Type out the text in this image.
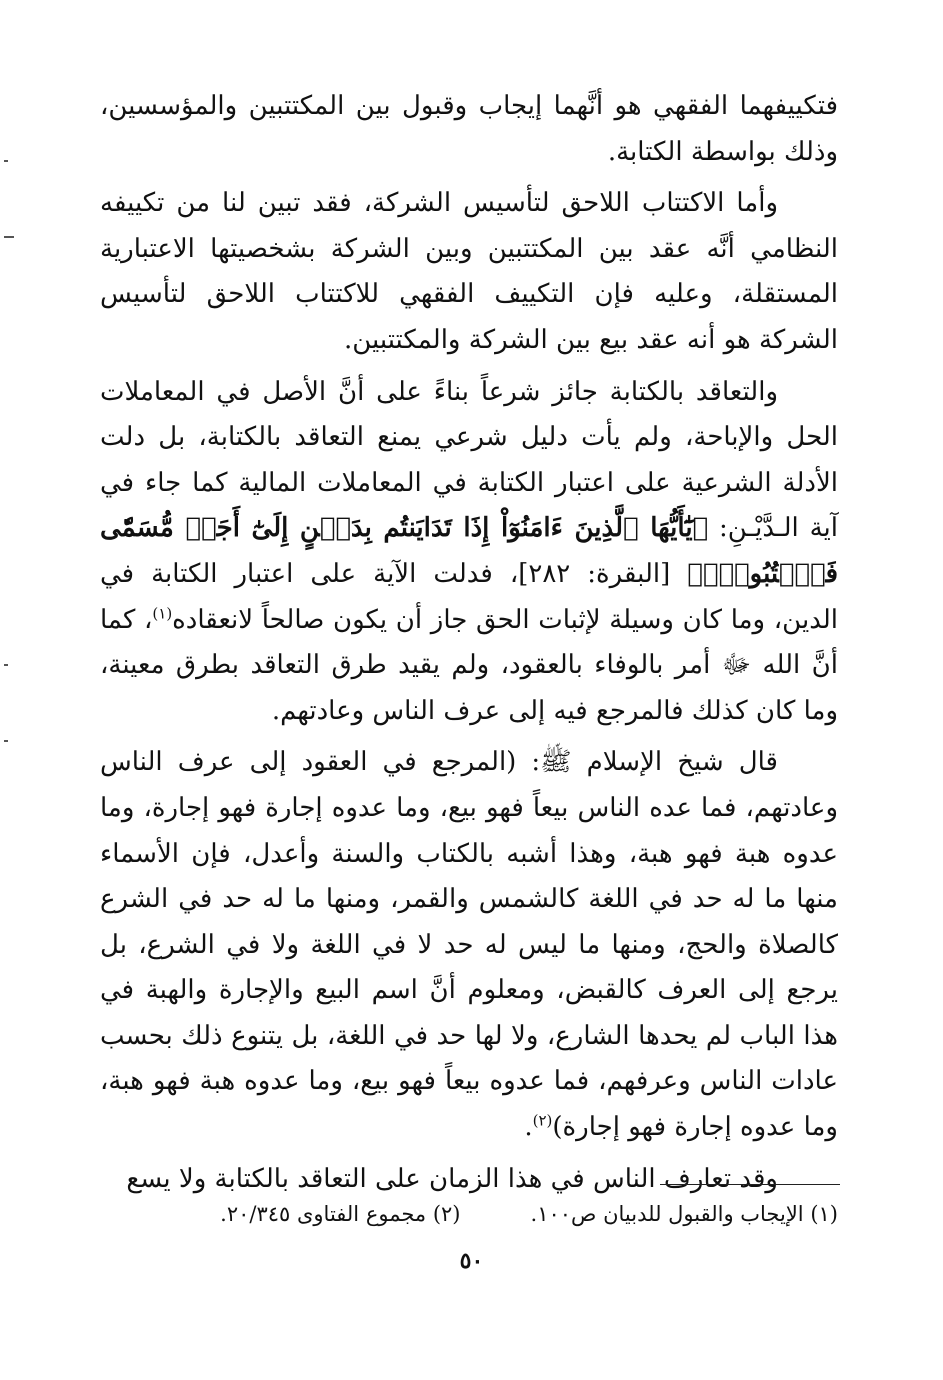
فتكييفهما الفقهي هو أنَّهما إيجاب وقبول بين المكتتبين والمؤسسين، وذلك بواسطة الكتابة.

وأما الاكتتاب اللاحق لتأسيس الشركة، فقد تبين لنا من تكييفه النظامي أنَّه عقد بين المكتتبين وبين الشركة بشخصيتها الاعتبارية المستقلة، وعليه فإن التكييف الفقهي للاكتتاب اللاحق لتأسيس الشركة هو أنه عقد بيع بين الشركة والمكتتبين.

والتعاقد بالكتابة جائز شرعاً بناءً على أنَّ الأصل في المعاملات الحل والإباحة، ولم يأت دليل شرعي يمنع التعاقد بالكتابة، بل دلت الأدلة الشرعية على اعتبار الكتابة في المعاملات المالية كما جاء في آية الـدَّيْـنِ: ﴿يَٰٓأَيُّهَا ٱلَّذِينَ ءَامَنُوٓاْ إِذَا تَدَايَنتُم بِدَيۡنٍ إِلَىٰٓ أَجَلٖ مُّسَمّٗى فَٱكۡتُبُوهُۚ﴾ [البقرة: ٢٨٢]، فدلت الآية على اعتبار الكتابة في الدين، وما كان وسيلة لإثبات الحق جاز أن يكون صالحاً لانعقاده$^{(١)}$، كما أنَّ الله ﷻ أمر بالوفاء بالعقود، ولم يقيد طرق التعاقد بطرق معينة، وما كان كذلك فالمرجع فيه إلى عرف الناس وعادتهم.

قال شيخ الإسلام ﷺ: (المرجع في العقود إلى عرف الناس وعادتهم، فما عده الناس بيعاً فهو بيع، وما عدوه إجارة فهو إجارة، وما عدوه هبة فهو هبة، وهذا أشبه بالكتاب والسنة وأعدل، فإن الأسماء منها ما له حد في اللغة كالشمس والقمر، ومنها ما له حد في الشرع كالصلاة والحج، ومنها ما ليس له حد لا في اللغة ولا في الشرع، بل يرجع إلى العرف كالقبض، ومعلوم أنَّ اسم البيع والإجارة والهبة في هذا الباب لم يحدها الشارع، ولا لها حد في اللغة، بل يتنوع ذلك بحسب عادات الناس وعرفهم، فما عدوه بيعاً فهو بيع، وما عدوه هبة فهو هبة، وما عدوه إجارة فهو إجارة)$^{(٢)}$.

وقد تعارف الناس في هذا الزمان على التعاقد بالكتابة ولا يسع

(١) الإيجاب والقبول للدبيان ص١٠٠.
(٢) مجموع الفتاوى ٢٠/٣٤٥.
٥٠
